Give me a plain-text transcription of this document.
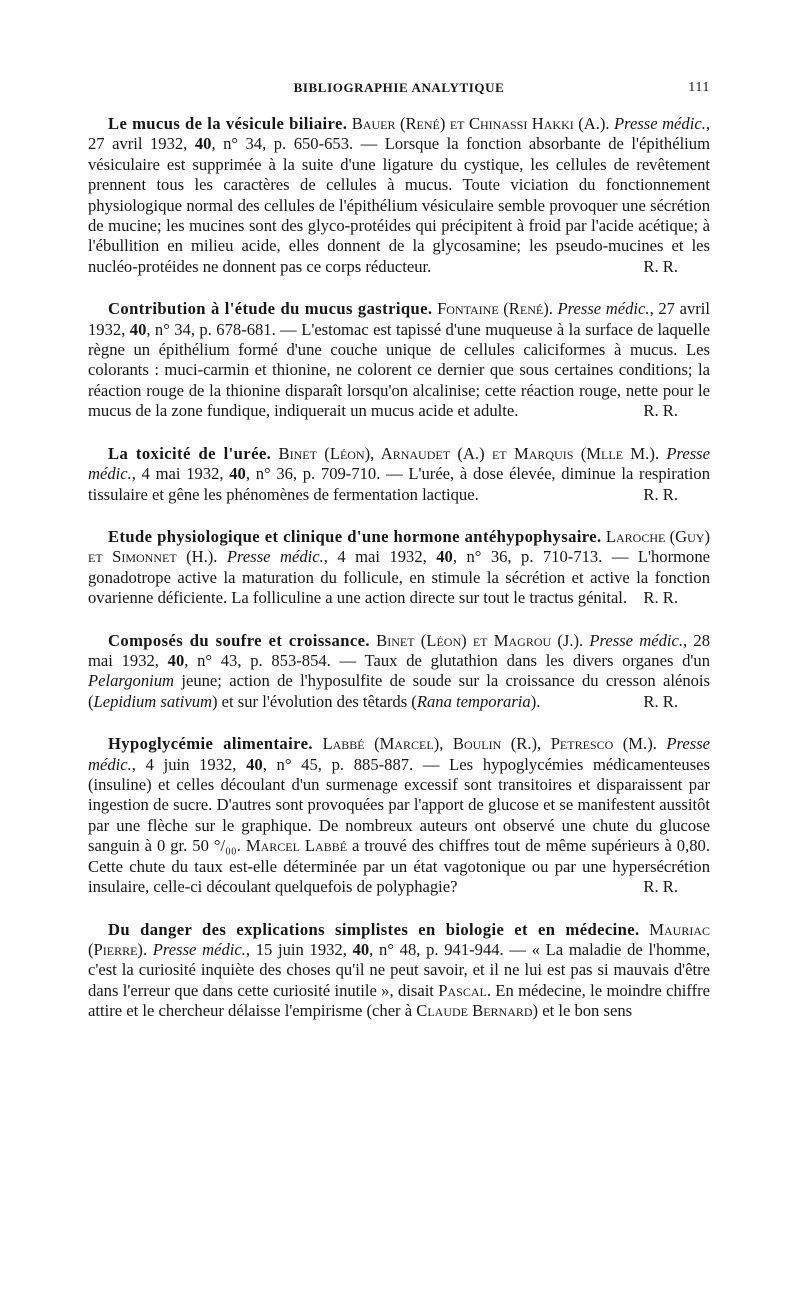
BIBLIOGRAPHIE ANALYTIQUE	111

Le mucus de la vésicule biliaire. Bauer (René) et Chinassi Hakki (A.). Presse médic., 27 avril 1932, 40, n° 34, p. 650-653. — Lorsque la fonction absorbante de l'épithélium vésiculaire est supprimée à la suite d'une ligature du cystique, les cellules de revêtement prennent tous les caractères de cellules à mucus. Toute viciation du fonctionnement physiologique normal des cellules de l'épithélium vésiculaire semble provoquer une sécrétion de mucine; les mucines sont des glyco-protéides qui précipitent à froid par l'acide acétique; à l'ébullition en milieu acide, elles donnent de la glycosamine; les pseudo-mucines et les nucléo-protéides ne donnent pas ce corps réducteur.	R. R.

Contribution à l'étude du mucus gastrique. Fontaine (René). Presse médic., 27 avril 1932, 40, n° 34, p. 678-681. — L'estomac est tapissé d'une muqueuse à la surface de laquelle règne un épithélium formé d'une couche unique de cellules caliciformes à mucus. Les colorants : muci-carmin et thionine, ne colorent ce dernier que sous certaines conditions; la réaction rouge de la thionine disparaît lorsqu'on alcalinise; cette réaction rouge, nette pour le mucus de la zone fundique, indiquerait un mucus acide et adulte.	R. R.

La toxicité de l'urée. Binet (Léon), Arnaudet (A.) et Marquis (Mlle M.). Presse médic., 4 mai 1932, 40, n° 36, p. 709-710. — L'urée, à dose élevée, diminue la respiration tissulaire et gêne les phénomènes de fermentation lactique.	R. R.

Etude physiologique et clinique d'une hormone antéhypophysaire. Laroche (Guy) et Simonnet (H.). Presse médic., 4 mai 1932, 40, n° 36, p. 710-713. — L'hormone gonadotrope active la maturation du follicule, en stimule la sécrétion et active la fonction ovarienne déficiente. La folliculine a une action directe sur tout le tractus génital. R. R.

Composés du soufre et croissance. Binet (Léon) et Magrou (J.). Presse médic., 28 mai 1932, 40, n° 43, p. 853-854. — Taux de glutathion dans les divers organes d'un Pelargonium jeune; action de l'hyposulfite de soude sur la croissance du cresson alénois (Lepidium sativum) et sur l'évolution des têtards (Rana temporaria).	R. R.

Hypoglycémie alimentaire. Labbé (Marcel), Boulin (R.), Petresco (M.). Presse médic., 4 juin 1932, 40, n° 45, p. 885-887. — Les hypoglycémies médicamenteuses (insuline) et celles découlant d'un surmenage excessif sont transitoires et disparaissent par ingestion de sucre. D'autres sont provoquées par l'apport de glucose et se manifestent aussitôt par une flèche sur le graphique. De nombreux auteurs ont observé une chute du glucose sanguin à 0 gr. 50 °/₀₀. Marcel Labbé a trouvé des chiffres tout de même supérieurs à 0,80. Cette chute du taux est-elle déterminée par un état vagotonique ou par une hypersécrétion insulaire, celle-ci découlant quelquefois de polyphagie?	R. R.

Du danger des explications simplistes en biologie et en médecine. Mauriac (Pierre). Presse médic., 15 juin 1932, 40, n° 48, p. 941-944. — « La maladie de l'homme, c'est la curiosité inquiète des choses qu'il ne peut savoir, et il ne lui est pas si mauvais d'être dans l'erreur que dans cette curiosité inutile », disait Pascal. En médecine, le moindre chiffre attire et le chercheur délaisse l'empirisme (cher à Claude Bernard) et le bon sens
